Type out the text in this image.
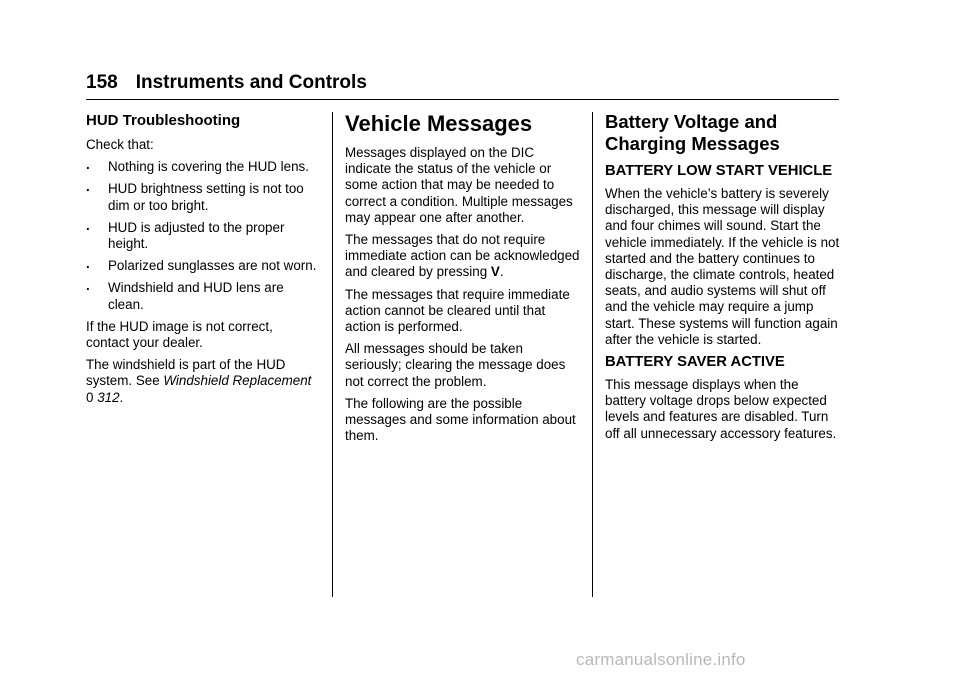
158 Instruments and Controls
HUD Troubleshooting

Check that:

. Nothing is covering the HUD lens.
. HUD brightness setting is not too dim or too bright.
. HUD is adjusted to the proper height.
. Polarized sunglasses are not worn.
. Windshield and HUD lens are clean.

If the HUD image is not correct, contact your dealer.

The windshield is part of the HUD system. See Windshield Replacement 0 312.

Vehicle Messages

Messages displayed on the DIC indicate the status of the vehicle or some action that may be needed to correct a condition. Multiple messages may appear one after another.

The messages that do not require immediate action can be acknowledged and cleared by pressing V.

The messages that require immediate action cannot be cleared until that action is performed.

All messages should be taken seriously; clearing the message does not correct the problem.

The following are the possible messages and some information about them.

Battery Voltage and Charging Messages
BATTERY LOW START VEHICLE

When the vehicle’s battery is severely discharged, this message will display and four chimes will sound. Start the vehicle immediately. If the vehicle is not started and the battery continues to discharge, the climate controls, heated seats, and audio systems will shut off and the vehicle may require a jump start. These systems will function again after the vehicle is started.

BATTERY SAVER ACTIVE

This message displays when the battery voltage drops below expected levels and features are disabled. Turn off all unnecessary accessory features.

carmanualsonline.info
